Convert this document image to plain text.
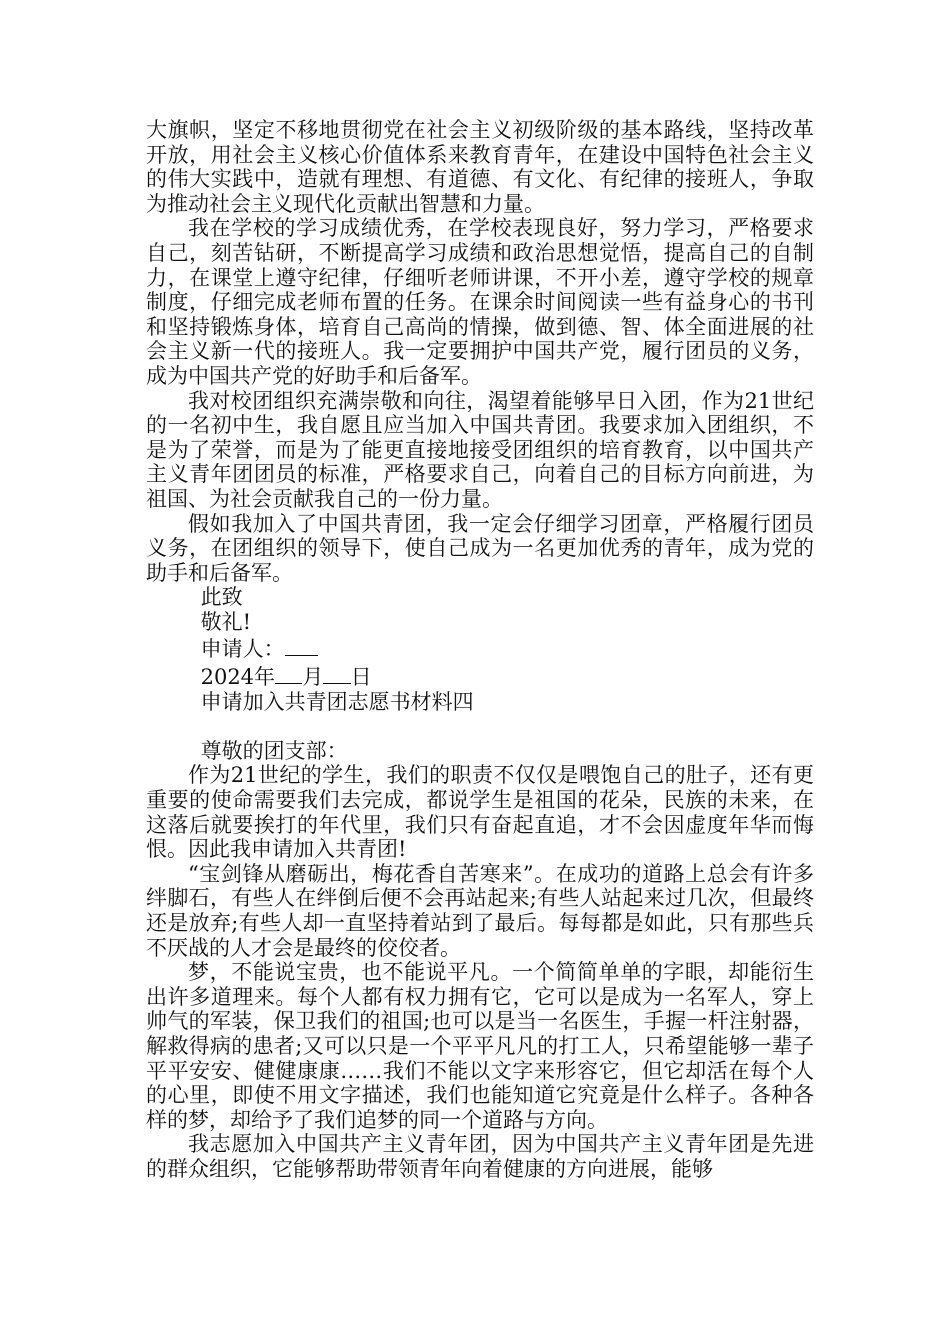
大旗帜，坚定不移地贯彻党在社会主义初级阶级的基本路线，坚持改革开放，用社会主义核心价值体系来教育青年，在建设中国特色社会主义的伟大实践中，造就有理想、有道德、有文化、有纪律的接班人，争取为推动社会主义现代化贡献出智慧和力量。

我在学校的学习成绩优秀，在学校表现良好，努力学习，严格要求自己，刻苦钻研，不断提高学习成绩和政治思想觉悟，提高自己的自制力，在课堂上遵守纪律，仔细听老师讲课，不开小差，遵守学校的规章制度，仔细完成老师布置的任务。在课余时间阅读一些有益身心的书刊和坚持锻炼身体，培育自己高尚的情操，做到德、智、体全面进展的社会主义新一代的接班人。我一定要拥护中国共产党，履行团员的义务，成为中国共产党的好助手和后备军。

我对校团组织充满崇敬和向往，渴望着能够早日入团，作为21世纪的一名初中生，我自愿且应当加入中国共青团。我要求加入团组织，不是为了荣誉，而是为了能更直接地接受团组织的培育教育，以中国共产主义青年团团员的标准，严格要求自己，向着自己的目标方向前进，为祖国、为社会贡献我自己的一份力量。

假如我加入了中国共青团，我一定会仔细学习团章，严格履行团员义务，在团组织的领导下，使自己成为一名更加优秀的青年，成为党的助手和后备军。

此致

敬礼!

申请人：

2024年 月 日

申请加入共青团志愿书材料四

尊敬的团支部：

作为21世纪的学生，我们的职责不仅仅是喂饱自己的肚子，还有更重要的使命需要我们去完成，都说学生是祖国的花朵，民族的未来，在这落后就要挨打的年代里，我们只有奋起直追，才不会因虚度年华而悔恨。因此我申请加入共青团!

“宝剑锋从磨砺出，梅花香自苦寒来”。在成功的道路上总会有许多绊脚石，有些人在绊倒后便不会再站起来;有些人站起来过几次，但最终还是放弃;有些人却一直坚持着站到了最后。每每都是如此，只有那些兵不厌战的人才会是最终的佼佼者。

梦，不能说宝贵，也不能说平凡。一个简简单单的字眼，却能衍生出许多道理来。每个人都有权力拥有它，它可以是成为一名军人，穿上帅气的军装，保卫我们的祖国;也可以是当一名医生，手握一杆注射器，解救得病的患者;又可以只是一个平平凡凡的打工人，只希望能够一辈子平平安安、健健康康……我们不能以文字来形容它，但它却活在每个人的心里，即使不用文字描述，我们也能知道它究竟是什么样子。各种各样的梦，却给予了我们追梦的同一个道路与方向。

我志愿加入中国共产主义青年团，因为中国共产主义青年团是先进的群众组织，它能够帮助带领青年向着健康的方向进展，能够
